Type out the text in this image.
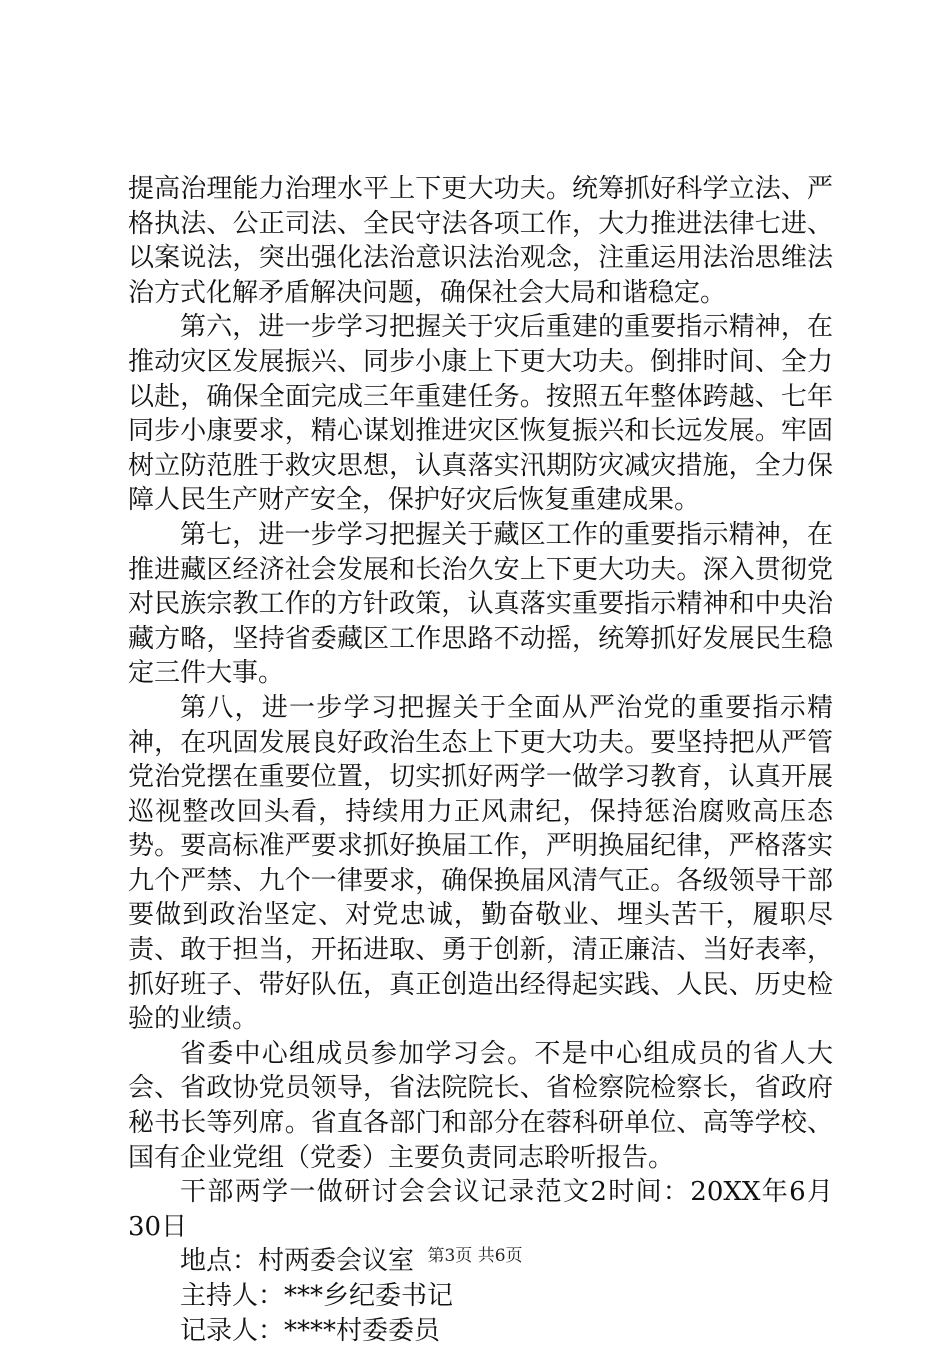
提高治理能力治理水平上下更大功夫。统筹抓好科学立法、严格执法、公正司法、全民守法各项工作，大力推进法律七进、以案说法，突出强化法治意识法治观念，注重运用法治思维法治方式化解矛盾解决问题，确保社会大局和谐稳定。

第六，进一步学习把握关于灾后重建的重要指示精神，在推动灾区发展振兴、同步小康上下更大功夫。倒排时间、全力以赴，确保全面完成三年重建任务。按照五年整体跨越、七年同步小康要求，精心谋划推进灾区恢复振兴和长远发展。牢固树立防范胜于救灾思想，认真落实汛期防灾减灾措施，全力保障人民生产财产安全，保护好灾后恢复重建成果。

第七，进一步学习把握关于藏区工作的重要指示精神，在推进藏区经济社会发展和长治久安上下更大功夫。深入贯彻党对民族宗教工作的方针政策，认真落实重要指示精神和中央治藏方略，坚持省委藏区工作思路不动摇，统筹抓好发展民生稳定三件大事。

第八，进一步学习把握关于全面从严治党的重要指示精神，在巩固发展良好政治生态上下更大功夫。要坚持把从严管党治党摆在重要位置，切实抓好两学一做学习教育，认真开展巡视整改回头看，持续用力正风肃纪，保持惩治腐败高压态势。要高标准严要求抓好换届工作，严明换届纪律，严格落实九个严禁、九个一律要求，确保换届风清气正。各级领导干部要做到政治坚定、对党忠诚，勤奋敬业、埋头苦干，履职尽责、敢于担当，开拓进取、勇于创新，清正廉洁、当好表率，抓好班子、带好队伍，真正创造出经得起实践、人民、历史检验的业绩。

省委中心组成员参加学习会。不是中心组成员的省人大会、省政协党员领导，省法院院长、省检察院检察长，省政府秘书长等列席。省直各部门和部分在蓉科研单位、高等学校、国有企业党组（党委）主要负责同志聆听报告。

干部两学一做研讨会会议记录范文2时间：20XX年6月30日

地点：村两委会议室

主持人：***乡纪委书记

记录人：****村委委员

第3页 共6页
